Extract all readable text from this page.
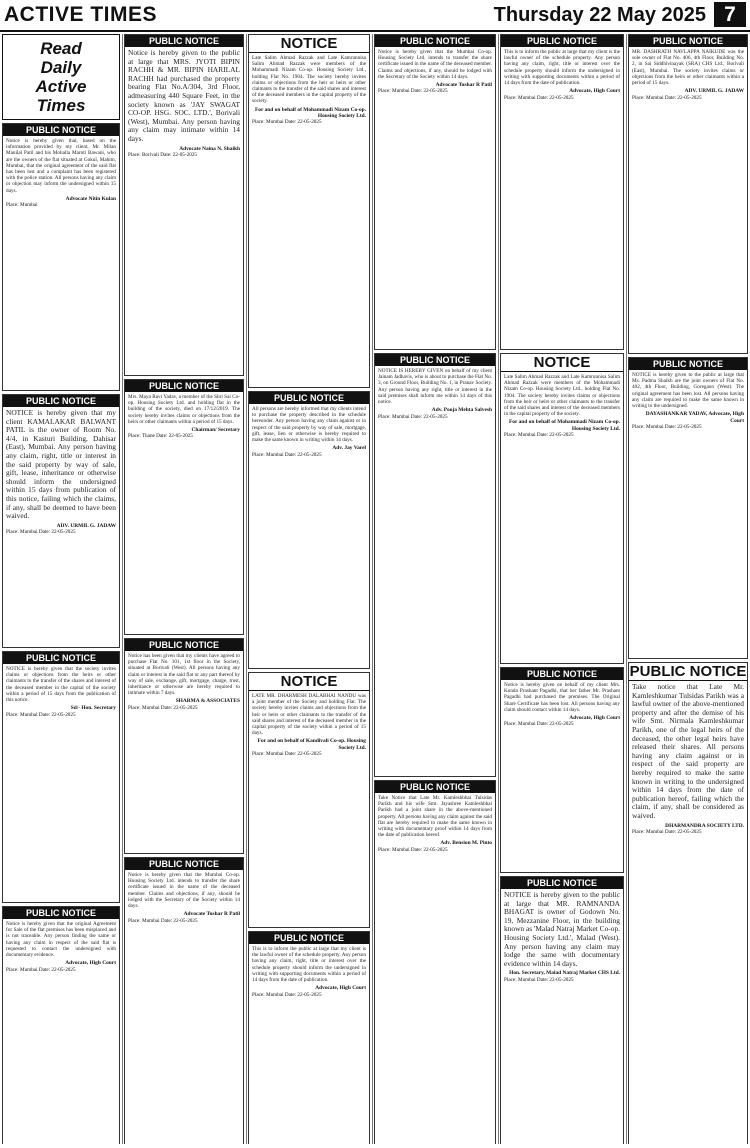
ACTIVE TIMES	Thursday 22 May 2025 7
Read
Daily
Active
Times
PUBLIC NOTICE
Notice is hereby given that, based on the information provided by my client, Mr. Milan Manilal Patil and his Mohalla Maroti Bawani, who are the owners of the flat situated at Gokul, Mahim, Mumbai, that the original agreement of the said flat has been lost and a complaint has been registered with the police station. All persons having any claim or objection may inform the undersigned within 15 days.
Advocate Nitin Kulan
Place: Mumbai
PUBLIC NOTICE
NOTICE is hereby given that my client KAMALAKAR BALWANT PATIL is the owner of Room No. 4/4, in Kasturi Building, Dahisar (East), Mumbai. Any person having any claim, right, title or interest in the said property by way of sale, gift, lease, inheritance or otherwise should inform the undersigned within 15 days from publication of this notice, failing which the claims, if any, shall be deemed to have been waived.
ADV. URMIL G. JADAW
Place: Mumbai Date: 22-05-2025
PUBLIC NOTICE
NOTICE is hereby given that the society invites claims or objections from the heirs or other claimants to the transfer of the shares and interest of the deceased member in the capital of the society within a period of 15 days from the publication of this notice.
Sd/- Hon. Secretary
Place: Mumbai Date: 22-05-2025
PUBLIC NOTICE
Notice is hereby given that the original Agreement for Sale of the flat premises has been misplaced and is not traceable. Any person finding the same or having any claim in respect of the said flat is requested to contact the undersigned with documentary evidence.
Advocate, High Court
Place: Mumbai Date: 22-05-2025
PUBLIC NOTICE
Notice is hereby given to the public at large that MRS. JYOTI BIPIN RACHH & MR. BIPIN HARILAL RACHH had purchased the property bearing Flat No.A/304, 3rd Floor, admeasuring 440 Square Feet, in the society known as 'JAY SWAGAT CO-OP. HSG. SOC. LTD.', Borivali (West), Mumbai. Any person having any claim may intimate within 14 days.
Advocate Naina N. Shaikh
Place: Borivali Date: 22-05-2025
PUBLIC NOTICE
Mrs. Maya Ravi Yadav, a member of the Shri Sai Co-op. Housing Society Ltd. and holding flat in the building of the society, died on 17/12/2019. The society hereby invites claims or objections from the heirs or other claimants within a period of 15 days.
Chairman/ Secretary
Place: Thane Date: 22-05-2025
PUBLIC NOTICE
Notice has been given that my clients have agreed to purchase Flat No. 101, 1st floor in the Society, situated at Borivali (West). All persons having any claim or interest in the said flat or any part thereof by way of sale, exchange, gift, mortgage, charge, trust, inheritance or otherwise are hereby required to intimate within 7 days.
SHARMA & ASSOCIATES
Place: Mumbai Date: 22-05-2025
PUBLIC NOTICE
Notice is hereby given that the Mumbai Co-op. Housing Society Ltd. intends to transfer the share certificate issued in the name of the deceased member. Claims and objections, if any, should be lodged with the Secretary of the Society within 14 days.
Advocate Tushar R Patil
Place: Mumbai Date: 22-05-2025
NOTICE
Late Salim Ahmad Razzak and Late Kamrunnisa Salim Ahmad Razzak were members of the Mohammadi Nizam Co-op. Housing Society Ltd., holding Flat No. 1904. The society hereby invites claims or objections from the heir or heirs or other claimants to the transfer of the said shares and interest of the deceased members in the capital property of the society.
For and on behalf of Mohammadi Nizam Co-op. Housing Society Ltd.
Place: Mumbai Date: 22-05-2025
PUBLIC NOTICE
All persons are hereby informed that my clients intend to purchase the property described in the schedule hereunder. Any person having any claim against or in respect of the said property by way of sale, mortgage, gift, lease, lien or otherwise is hereby required to make the same known in writing within 14 days.
Adv. Jay Varel
Place: Mumbai Date: 22-05-2025
NOTICE
LATE MR. DHARMESH DALABHAI NANDU was a joint member of the Society and holding Flat. The society hereby invites claims and objections from the heir or heirs or other claimants to the transfer of the said shares and interest of the deceased member in the capital property of the society within a period of 15 days.
For and on behalf of Kandivali Co-op. Housing Society Ltd.
Place: Mumbai Date: 22-05-2025
PUBLIC NOTICE
This is to inform the public at large that my client is the lawful owner of the schedule property. Any person having any claim, right, title or interest over the schedule property should inform the undersigned in writing with supporting documents within a period of 14 days from the date of publication.
Advocate, High Court
Place: Mumbai Date: 22-05-2025
PUBLIC NOTICE
Notice is hereby given that the Mumbai Co-op. Housing Society Ltd. intends to transfer the share certificate issued in the name of the deceased member. Claims and objections, if any, should be lodged with the Secretary of the Society within 14 days.
Advocate Tushar R Patil
Place: Mumbai Date: 22-05-2025
PUBLIC NOTICE
NOTICE IS HEREBY GIVEN on behalf of my client Jainam Jadhavis, who is about to purchase the Flat No. 3, on Ground Floor, Building No. 1, in Pranav Society. Any person having any right, title or interest in the said premises shall inform me within 14 days of this notice.
Adv. Pooja Mehta Salvesh
Place: Mumbai Date: 22-05-2025
PUBLIC NOTICE
Take Notice that Late Mr. Kamleshbhai Tulsidas Parikh and his wife Smt. Jayashree Kamleshbhai Parikh had a joint share in the above-mentioned property. All persons having any claim against the said flat are hereby required to make the same known in writing with documentary proof within 14 days from the date of publication hereof.
Adv. Bension M. Pinto
Place: Mumbai Date: 22-05-2025
PUBLIC NOTICE
This is to inform the public at large that my client is the lawful owner of the schedule property. Any person having any claim, right, title or interest over the schedule property should inform the undersigned in writing with supporting documents within a period of 14 days from the date of publication.
Advocate, High Court
Place: Mumbai Date: 22-05-2025
NOTICE
Late Salim Ahmad Razzak and Late Kamrunnisa Salim Ahmad Razzak were members of the Mohammadi Nizam Co-op. Housing Society Ltd., holding Flat No. 1904. The society hereby invites claims or objections from the heir or heirs or other claimants to the transfer of the said shares and interest of the deceased members in the capital property of the society.
For and on behalf of Mohammadi Nizam Co-op. Housing Society Ltd.
Place: Mumbai Date: 22-05-2025
PUBLIC NOTICE
Notice is hereby given on behalf of my client Mrs. Kunda Prashant Pagadhi, that her father Mr. Prashant Pagadhi had purchased the premises. The Original Share Certificate has been lost. All persons having any claim should contact within 14 days.
Advocate, High Court
Place: Mumbai Date: 22-05-2025
PUBLIC NOTICE
NOTICE is hereby given to the public at large that MR. RAMNANDA BHAGAT is owner of Godown No. 19, Mezzanine Floor, in the building known as 'Malad Natraj Market Co-op. Housing Society Ltd.', Malad (West). Any person having any claim may lodge the same with documentary evidence within 14 days.
Hon. Secretary, Malad Natraj Market CHS Ltd.
Place: Mumbai Date: 22-05-2025
PUBLIC NOTICE
MR. DASHRATH NAVLAPPA NAIKUDE was the sole owner of Flat No. 406, 4th Floor, Building No. 2, in Sai Siddhivinayak (SRA) CHS Ltd., Borivali (East), Mumbai. The society invites claims or objections from the heirs or other claimants within a period of 15 days.
ADV. URMIL G. JADAW
Place: Mumbai Date: 22-05-2025
PUBLIC NOTICE
NOTICE is hereby given to the public at large that Ms. Padma Shaikh are the joint owners of Flat No. 402, 4th Floor, Building, Goregaon (West). The original agreement has been lost. All persons having any claim are required to make the same known in writing to the undersigned.
DAYASHANKAR YADAV, Advocate, High Court
Place: Mumbai Date: 22-05-2025
PUBLIC NOTICE
Take notice that Late Mr. Kamleshkumar Tulsidas Parikh was a lawful owner of the above-mentioned property and after the demise of his wife Smt. Nirmala Kamleshkumar Parikh, one of the legal heirs of the deceased, the other legal heirs have released their shares. All persons having any claim against or in respect of the said property are hereby required to make the same known in writing to the undersigned within 14 days from the date of publication hereof, failing which the claim, if any, shall be considered as waived.
DHARMANDRA SOCIETY LTD.
Place: Mumbai Date: 22-05-2025
